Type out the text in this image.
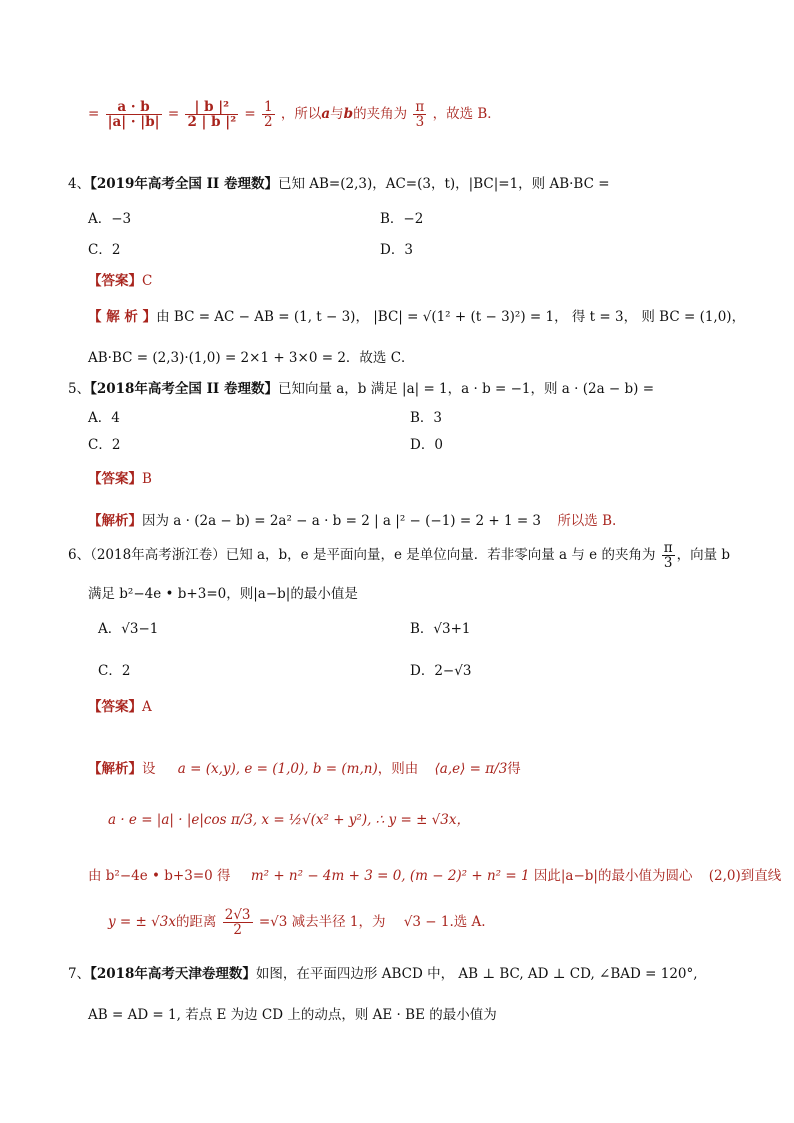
= $\frac{a \cdot b}{|a| \cdot |b|} = \frac{\text{| b |²}}{\text{2 | b |²}} = \frac{1}{2}$ ，所以a与b的夹角为 $\frac{\pi}{3}$ ，故选 B．
4、【2019年高考全国 II 卷理数】已知 AB=(2,3)，AC=(3，t)，|BC|=1，则 AB·BC =
A．−3	B．−2
C．2	D．3
【答案】C
【 解 析 】由 BC = AC − AB = (1, t − 3)， |BC| = √(1² + (t − 3)²) = 1， 得 t = 3， 则 BC = (1,0)，
AB·BC = (2,3)·(1,0) = 2×1 + 3×0 = 2．故选 C．
5、【2018年高考全国 II 卷理数】已知向量 a，b 满足 |a| = 1，a · b = −1，则 a · (2a − b) =
A．4	B．3
C．2	D．0
【答案】B
【解析】因为 a · (2a − b) = 2a² − a · b = 2 | a |² − (−1) = 2 + 1 = 3 所以选 B.
6、（2018年高考浙江卷）已知 a，b，e 是平面向量，e 是单位向量．若非零向量 a 与 e 的夹角为 $\frac{\pi}{3}$ ，向量 b
满足 b²−4e • b+3=0，则|a−b|的最小值是
A．√3−1	B．√3+1
C．2	D．2−√3
【答案】A
【解析】设 a = (x,y), e = (1,0), b = (m,n)，则由 ⟨a,e⟩ = π/3得
a · e = |a| · |e|cos π/3, x = ½√(x² + y²), ∴ y = ± √3x，
由 b²−4e • b+3=0 得 m² + n² − 4m + 3 = 0, (m − 2)² + n² = 1 因此|a−b|的最小值为圆心 (2,0)到直线
y = ± √3x的距离 $\frac{2√3}{2} =√3$ 减去半径 1，为 √3 − 1.选 A.
7、【2018年高考天津卷理数】如图，在平面四边形 ABCD 中， AB ⊥ BC, AD ⊥ CD, ∠BAD = 120°,
AB = AD = 1, 若点 E 为边 CD 上的动点，则 AE · BE 的最小值为
